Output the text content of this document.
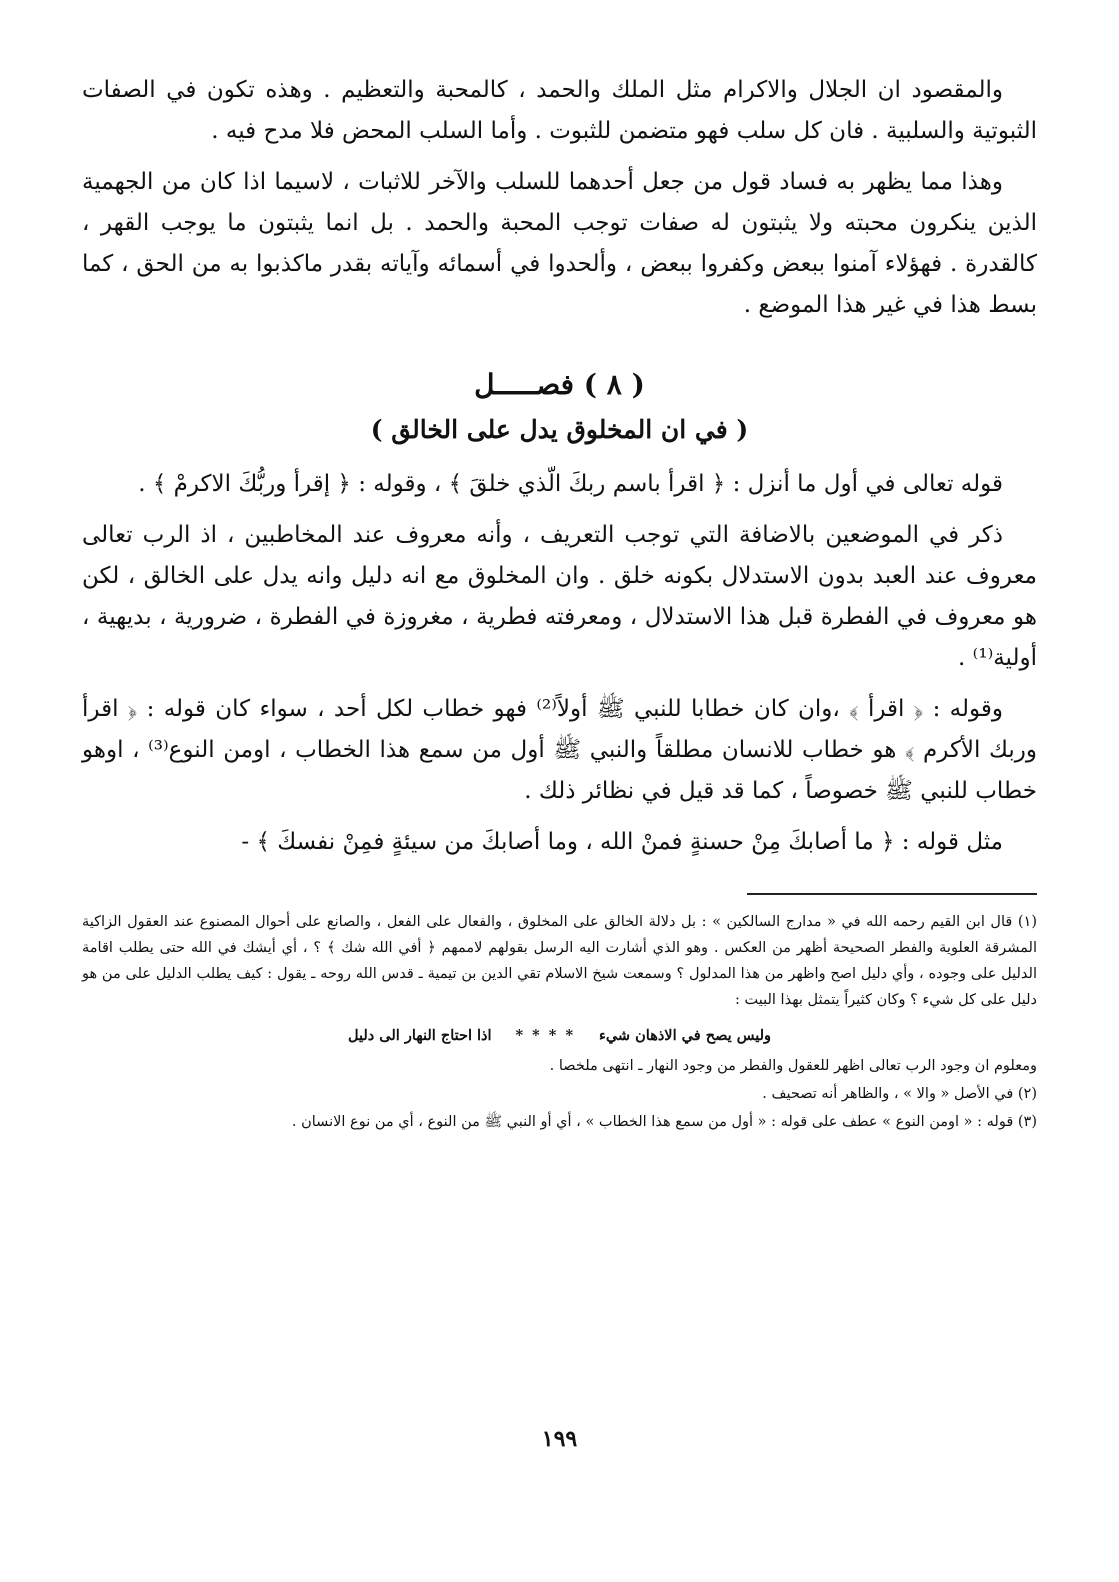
والمقصود ان الجلال والاكرام مثل الملك والحمد ، كالمحبة والتعظيم . وهذه تكون في الصفات الثبوتية والسلبية . فان كل سلب فهو متضمن للثبوت . وأما السلب المحض فلا مدح فيه .

وهذا مما يظهر به فساد قول من جعل أحدهما للسلب والآخر للاثبات ، لاسيما اذا كان من الجهمية الذين ينكرون محبته ولا يثبتون له صفات توجب المحبة والحمد . بل انما يثبتون ما يوجب القهر ، كالقدرة . فهؤلاء آمنوا ببعض وكفروا ببعض ، وألحدوا في أسمائه وآياته بقدر ماكذبوا به من الحق ، كما بسط هذا في غير هذا الموضع .

( ٨ ) فصـــــل
( في ان المخلوق يدل على الخالق )

قوله تعالى في أول ما أنزل : ﴿ اقرأ باسم ربكَ الّذي خلقَ ﴾ ، وقوله : ﴿ إقرأ وربُّكَ الاكرمْ ﴾ .

ذكر في الموضعين بالاضافة التي توجب التعريف ، وأنه معروف عند المخاطبين ، اذ الرب تعالى معروف عند العبد بدون الاستدلال بكونه خلق . وان المخلوق مع انه دليل وانه يدل على الخالق ، لكن هو معروف في الفطرة قبل هذا الاستدلال ، ومعرفته فطرية ، مغروزة في الفطرة ، ضرورية ، بديهية ، أولية⁽¹⁾ .

وقوله : ﴿ اقرأ ﴾ ،وان كان خطابا للنبي ﷺ أولاً⁽²⁾ فهو خطاب لكل أحد ، سواء كان قوله : ﴿ اقرأ وربك الأكرم ﴾ هو خطاب للانسان مطلقاً والنبي ﷺ أول من سمع هذا الخطاب ، اومن النوع⁽³⁾ ، اوهو خطاب للنبي ﷺ خصوصاً ، كما قد قيل في نظائر ذلك .

مثل قوله : ﴿ ما أصابكَ مِنْ حسنةٍ فمنْ الله ، وما أصابكَ من سيئةٍ فمِنْ نفسكَ ﴾ -

(١) قال ابن القيم رحمه الله في « مدارج السالكين » : بل دلالة الخالق على المخلوق ، والفعال على الفعل ، والصانع على أحوال المصنوع عند العقول الزاكية المشرقة العلوية والفطر الصحيحة أظهر من العكس . وهو الذي أشارت اليه الرسل بقولهم لاممهم ﴿ أفي الله شك ﴾ ؟ ، أي أيشك في الله حتى يطلب اقامة الدليل على وجوده ، وأي دليل اصح واظهر من هذا المدلول ؟ وسمعت شيخ الاسلام تقي الدين بن تيمية ـ قدس الله روحه ـ يقول : كيف يطلب الدليل على من هو دليل على كل شيء ؟ وكان كثيراً يتمثل بهذا البيت :

وليس يصح في الاذهان شيء
* * * *
اذا احتاج النهار الى دليل

ومعلوم ان وجود الرب تعالى اظهر للعقول والفطر من وجود النهار ـ انتهى ملخصا .

(٢) في الأصل « والا » ، والظاهر أنه تصحيف .

(٣) قوله : « اومن النوع » عطف على قوله : « أول من سمع هذا الخطاب » ، أي أو النبي ﷺ من النوع ، أي من نوع الانسان .

١٩٩
